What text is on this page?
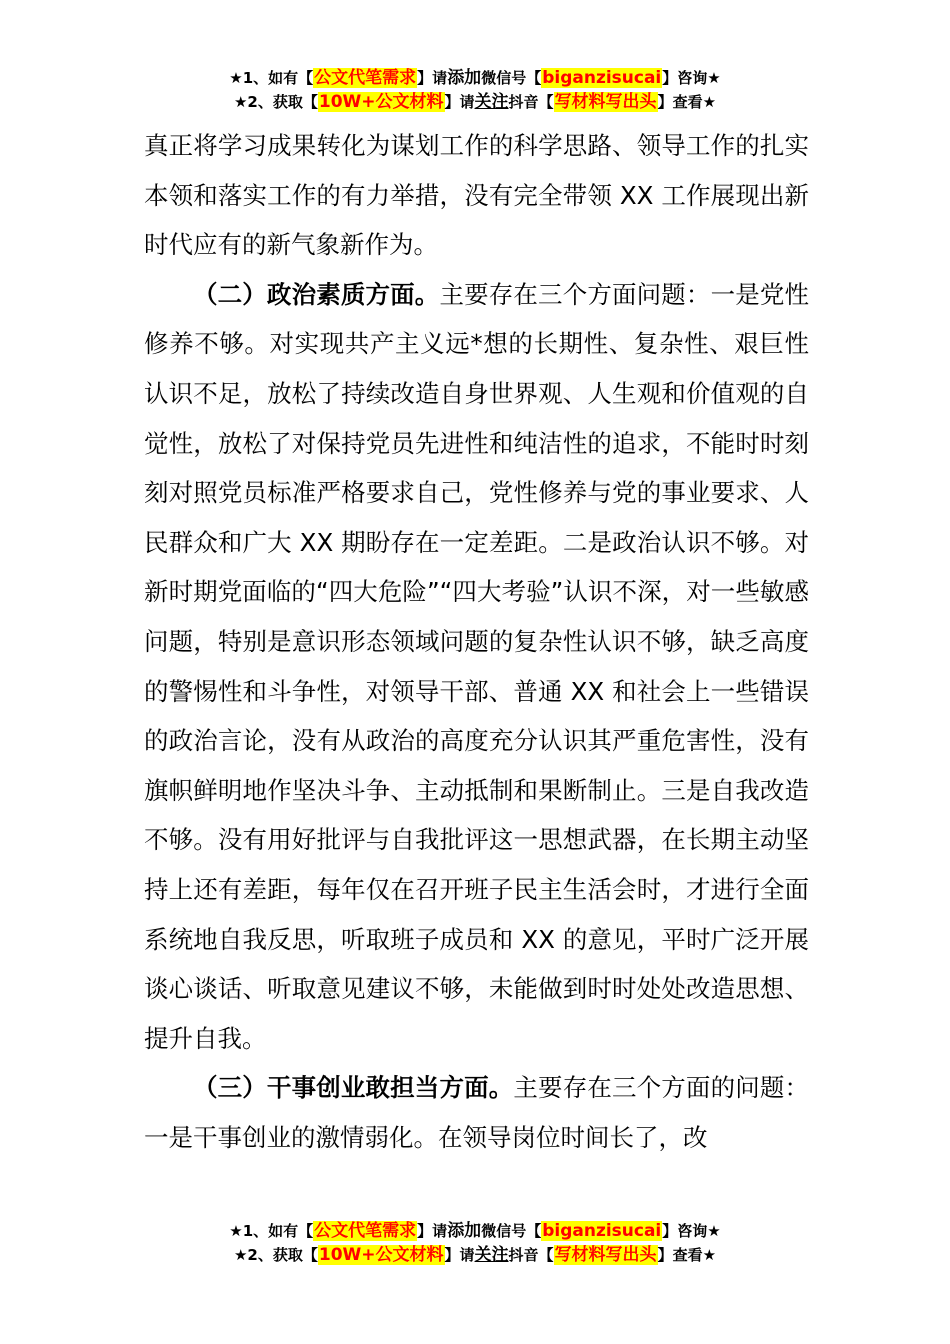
★1、如有【公文代笔需求】请添加微信号【biganzisucai】咨询★
★2、获取【10W+公文材料】请关注抖音【写材料写出头】查看★

真正将学习成果转化为谋划工作的科学思路、领导工作的扎实本领和落实工作的有力举措，没有完全带领 XX 工作展现出新时代应有的新气象新作为。

（二）政治素质方面。主要存在三个方面问题：一是党性修养不够。对实现共产主义远*想的长期性、复杂性、艰巨性认识不足，放松了持续改造自身世界观、人生观和价值观的自觉性，放松了对保持党员先进性和纯洁性的追求，不能时时刻刻对照党员标准严格要求自己，党性修养与党的事业要求、人民群众和广大 XX 期盼存在一定差距。二是政治认识不够。对新时期党面临的“四大危险”“四大考验”认识不深，对一些敏感问题，特别是意识形态领域问题的复杂性认识不够，缺乏高度的警惕性和斗争性，对领导干部、普通 XX 和社会上一些错误的政治言论，没有从政治的高度充分认识其严重危害性，没有旗帜鲜明地作坚决斗争、主动抵制和果断制止。三是自我改造不够。没有用好批评与自我批评这一思想武器，在长期主动坚持上还有差距，每年仅在召开班子民主生活会时，才进行全面系统地自我反思，听取班子成员和 XX 的意见，平时广泛开展谈心谈话、听取意见建议不够，未能做到时时处处改造思想、提升自我。

（三）干事创业敢担当方面。主要存在三个方面的问题：一是干事创业的激情弱化。在领导岗位时间长了，改

★1、如有【公文代笔需求】请添加微信号【biganzisucai】咨询★
★2、获取【10W+公文材料】请关注抖音【写材料写出头】查看★
